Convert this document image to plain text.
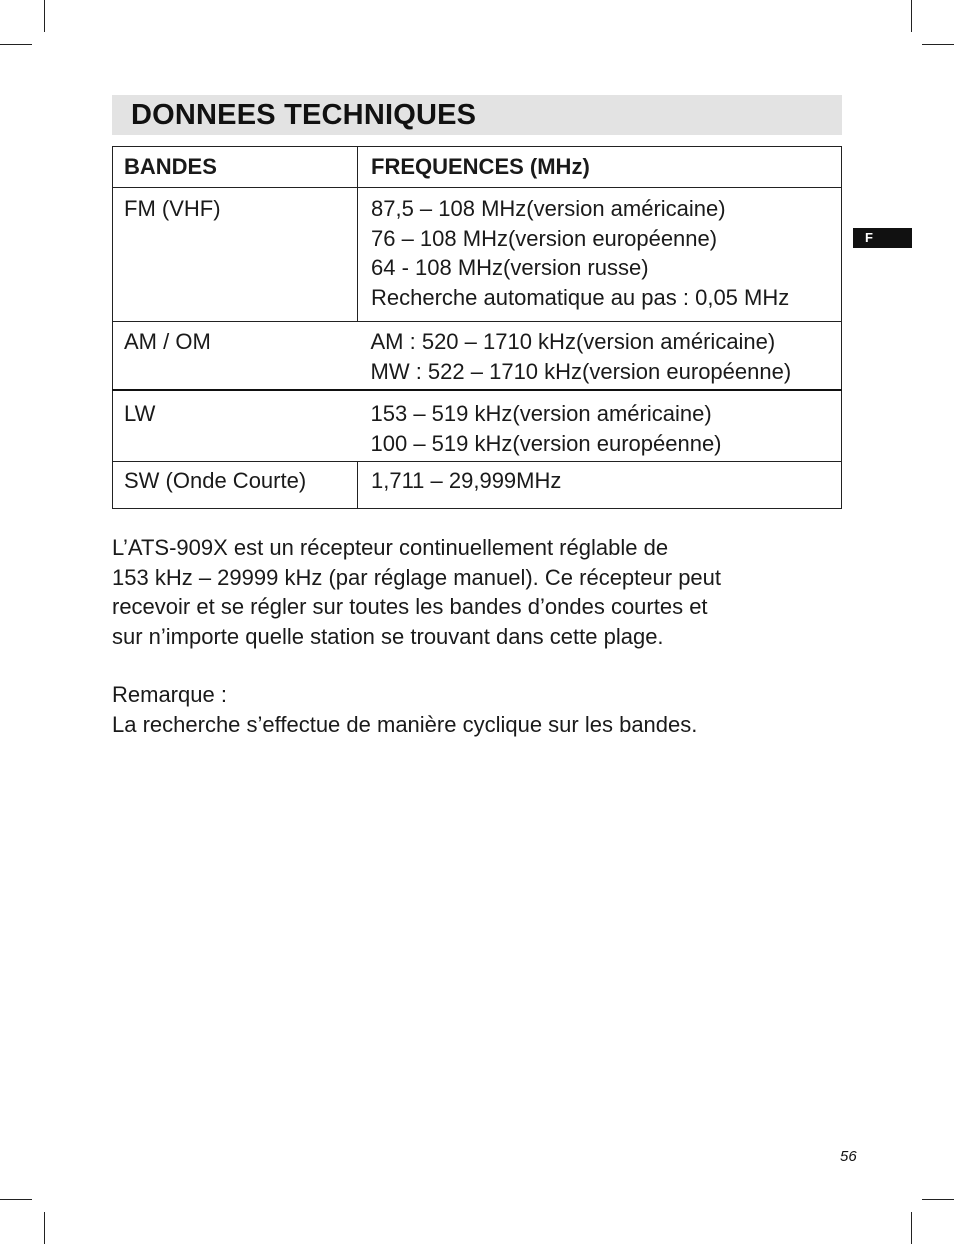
DONNEES TECHNIQUES
F
BANDES	FREQUENCES (MHz)
FM (VHF)	87,5 – 108 MHz(version américaine)
76 – 108 MHz(version européenne)
64 - 108 MHz(version russe)
Recherche automatique au pas : 0,05 MHz

AM / OM	AM : 520 – 1710 kHz(version américaine)
MW : 522 – 1710 kHz(version européenne)

LW	153 – 519 kHz(version américaine)
100 – 519 kHz(version européenne)

SW (Onde Courte)	1,711 – 29,999MHz
L’ATS-909X est un récepteur continuellement réglable de
153 kHz – 29999 kHz (par réglage manuel). Ce récepteur peut
recevoir et se régler sur toutes les bandes d’ondes courtes et
sur n’importe quelle station se trouvant dans cette plage.
Remarque :
La recherche s’effectue de manière cyclique sur les bandes.
56
